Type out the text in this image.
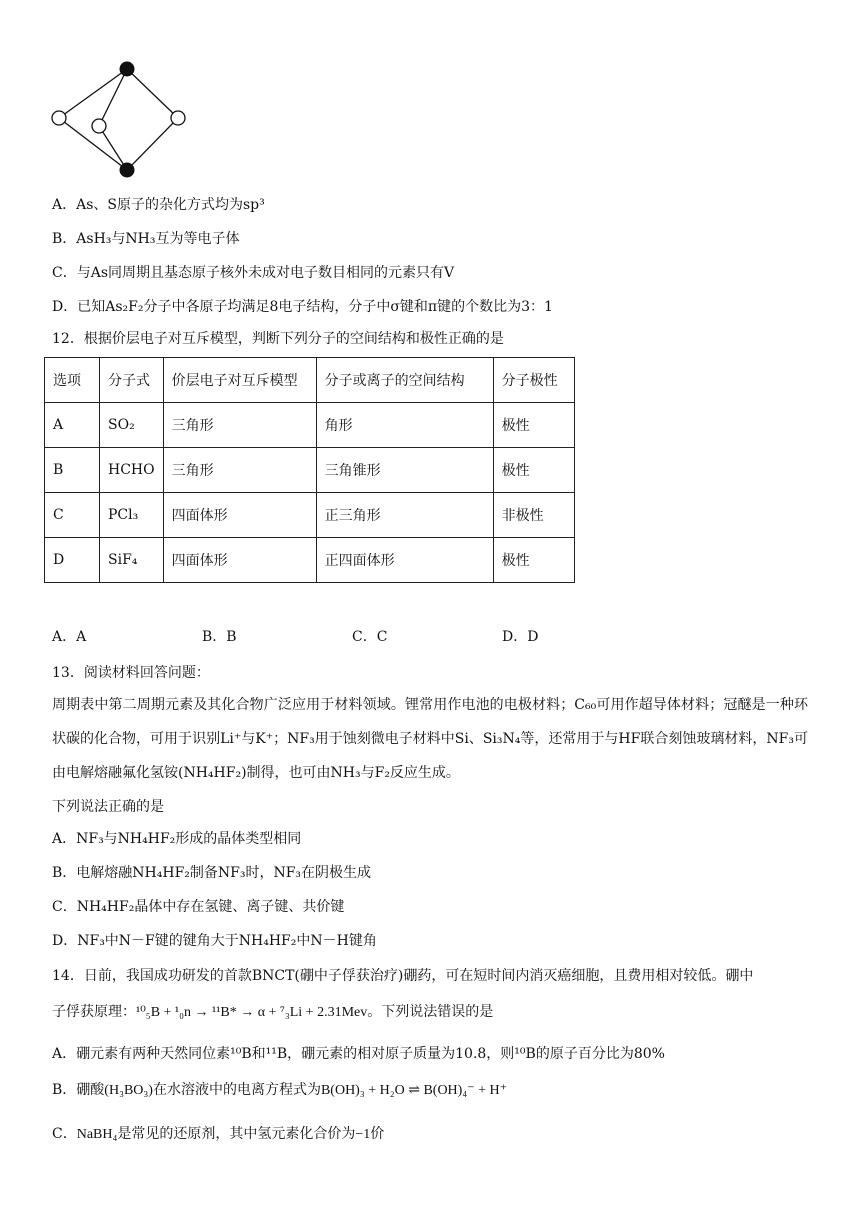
A．As、S原子的杂化方式均为sp³
B．AsH₃与NH₃互为等电子体
C．与As同周期且基态原子核外未成对电子数目相同的元素只有V
D．已知As₂F₂分子中各原子均满足8电子结构，分子中σ键和π键的个数比为3：1
12．根据价层电子对互斥模型，判断下列分子的空间结构和极性正确的是
选项	分子式	价层电子对互斥模型	分子或离子的空间结构	分子极性
A	SO₂	三角形	角形	极性
B	HCHO	三角形	三角锥形	极性
C	PCl₃	四面体形	正三角形	非极性
D	SiF₄	四面体形	正四面体形	极性
A．A	B．B	C．C	D．D
13．阅读材料回答问题：
周期表中第二周期元素及其化合物广泛应用于材料领域。锂常用作电池的电极材料；C₆₀可用作超导体材料；冠醚是一种环状碳的化合物，可用于识别Li⁺与K⁺；NF₃用于蚀刻微电子材料中Si、Si₃N₄等，还常用于与HF联合刻蚀玻璃材料，NF₃可由电解熔融氟化氢铵(NH₄HF₂)制得，也可由NH₃与F₂反应生成。
下列说法正确的是
A．NF₃与NH₄HF₂形成的晶体类型相同
B．电解熔融NH₄HF₂制备NF₃时，NF₃在阴极生成
C．NH₄HF₂晶体中存在氢键、离子键、共价键
D．NF₃中N－F键的键角大于NH₄HF₂中N－H键角
14．日前，我国成功研发的首款BNCT(硼中子俘获治疗)硼药，可在短时间内消灭癌细胞，且费用相对较低。硼中
子俘获原理：¹⁰₅B + ¹₀n → ¹¹B* → α + ⁷₃Li + 2.31Mev。下列说法错误的是
A．硼元素有两种天然同位素¹⁰B和¹¹B，硼元素的相对原子质量为10.8，则¹⁰B的原子百分比为80%
B．硼酸(H₃BO₃)在水溶液中的电离方程式为B(OH)₃ + H₂O ⇌ B(OH)₄⁻ + H⁺
C．NaBH₄是常见的还原剂，其中氢元素化合价为−1价
